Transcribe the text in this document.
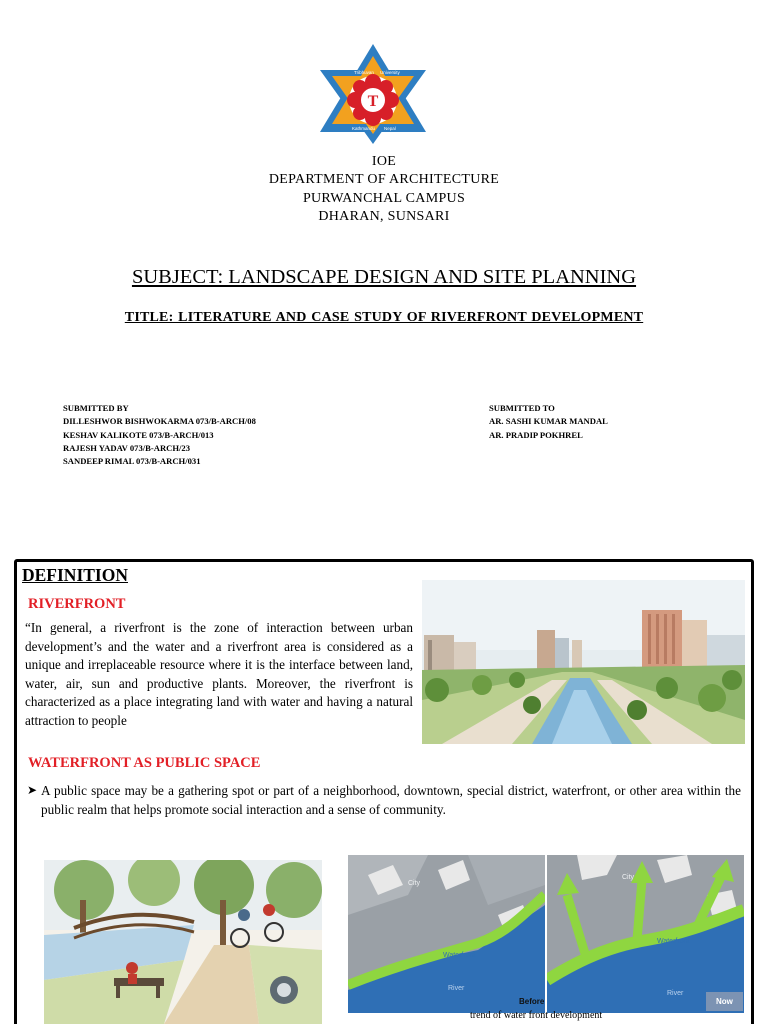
T
Tribhuvan University
Kathmandu Nepal
IOE
DEPARTMENT OF ARCHITECTURE
PURWANCHAL CAMPUS
DHARAN, SUNSARI
SUBJECT: LANDSCAPE DESIGN AND SITE PLANNING
TITLE: LITERATURE AND CASE STUDY OF RIVERFRONT DEVELOPMENT
SUBMITTED BY
DILLESHWOR BISHWOKARMA 073/B-ARCH/08
KESHAV KALIKOTE 073/B-ARCH/013
RAJESH YADAV 073/B-ARCH/23
SANDEEP RIMAL 073/B-ARCH/031
SUBMITTED TO
AR. SASHI KUMAR MANDAL
AR. PRADIP POKHREL
DEFINITION
RIVERFRONT
“In general, a riverfront is the zone of interaction between urban development’s and the water and a riverfront area is considered as a unique and irreplaceable resource where it is the interface between land, water, air, sun and productive plants. Moreover, the riverfront is characterized as a place integrating land with water and having a natural attraction to people
WATERFRONT AS PUBLIC SPACE
➤ A public space may be a gathering spot or part of a neighborhood, downtown, special district, waterfront, or other area within the public realm that helps promote social interaction and a sense of community.
City
Waterfront
River
City
Waterfront
River
Before	Now
trend of water front development
